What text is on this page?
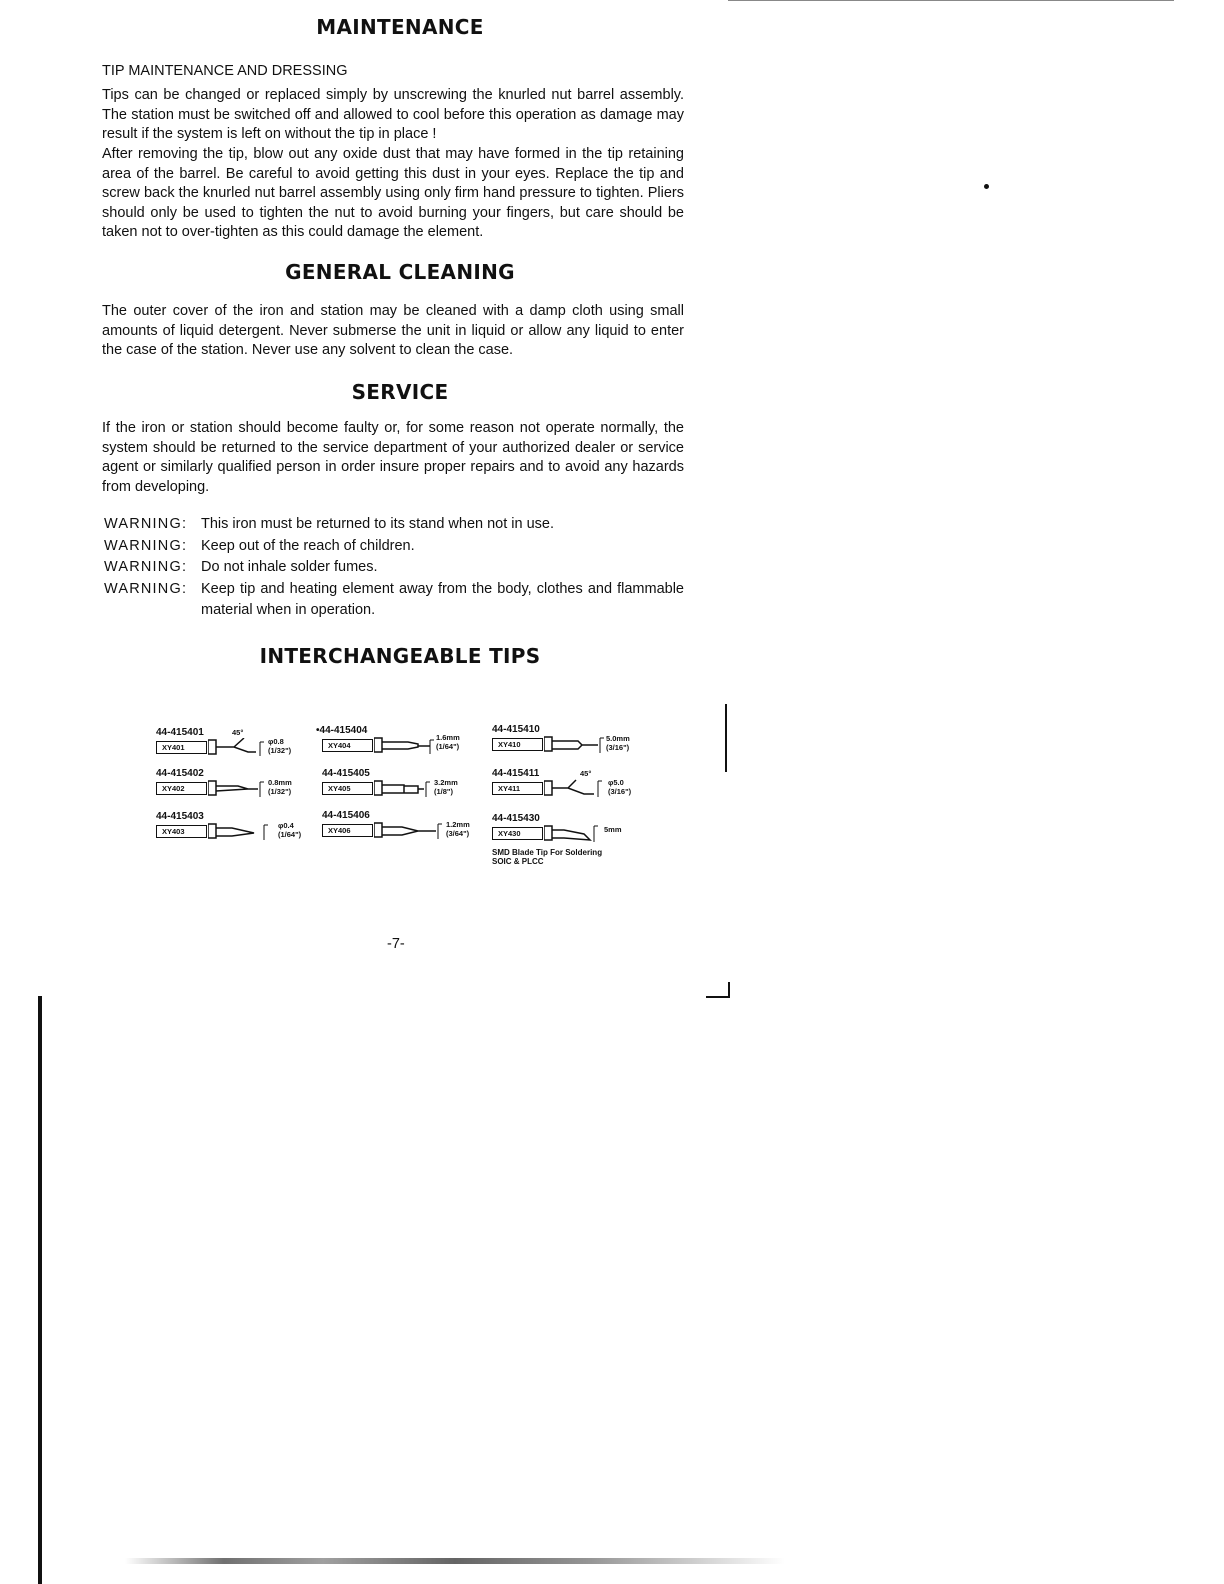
MAINTENANCE
TIP MAINTENANCE AND DRESSING

Tips can be changed or replaced simply by unscrewing the knurled nut barrel assembly. The station must be switched off and allowed to cool before this operation as damage may result if the system is left on without the tip in place !

After removing the tip, blow out any oxide dust that may have formed in the tip retaining area of the barrel. Be careful to avoid getting this dust in your eyes. Replace the tip and screw back the knurled nut barrel assembly using only firm hand pressure to tighten. Pliers should only be used to tighten the nut to avoid burning your fingers, but care should be taken not to over-tighten as this could damage the element.

GENERAL CLEANING

The outer cover of the iron and station may be cleaned with a damp cloth using small amounts of liquid detergent. Never submerse the unit in liquid or allow any liquid to enter the case of the station. Never use any solvent to clean the case.

SERVICE

If the iron or station should become faulty or, for some reason not operate normally, the system should be returned to the service department of your authorized dealer or service agent or similarly qualified person in order insure proper repairs and to avoid any hazards from developing.

WARNING: This iron must be returned to its stand when not in use.
WARNING: Keep out of the reach of children.
WARNING: Do not inhale solder fumes.
WARNING: Keep tip and heating element away from the body, clothes and flammable material when in operation.
INTERCHANGEABLE TIPS
44-415401
XY401
φ0.8
(1/32")
45°
44-415402
XY402
0.8mm
(1/32")
44-415403
XY403
φ0.4
(1/64")
•44-415404
XY404
1.6mm
(1/64")
44-415405
XY405
3.2mm
(1/8")
44-415406
XY406
1.2mm
(3/64")
44-415410
XY410
5.0mm
(3/16")
44-415411
XY411
φ5.0
(3/16")
45°
44-415430
XY430	5mm
SMD Blade Tip For Soldering
SOIC & PLCC
-7-
